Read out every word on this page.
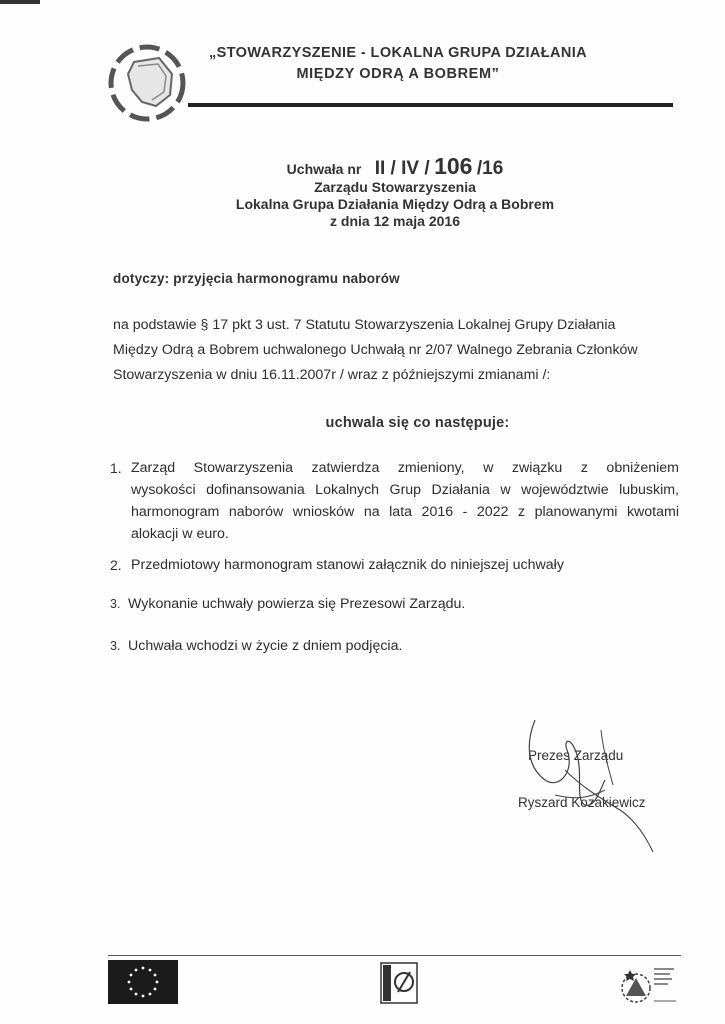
„STOWARZYSZENIE - LOKALNA GRUPA DZIAŁANIA
MIĘDZY ODRĄ A BOBREM”
Uchwała nr II / IV / 106 /16
Zarządu Stowarzyszenia
Lokalna Grupa Działania Między Odrą a Bobrem
z dnia 12 maja 2016
dotyczy: przyjęcia harmonogramu naborów
na podstawie § 17 pkt 3 ust. 7 Statutu Stowarzyszenia Lokalnej Grupy Działania
Między Odrą a Bobrem uchwalonego Uchwałą nr 2/07 Walnego Zebrania Członków
Stowarzyszenia w dniu 16.11.2007r / wraz z późniejszymi zmianami /:
uchwala się co następuje:
1. Zarząd Stowarzyszenia zatwierdza zmieniony, w związku z obniżeniem
wysokości dofinansowania Lokalnych Grup Działania w województwie lubuskim,
harmonogram naborów wniosków na lata 2016 - 2022 z planowanymi kwotami
alokacji w euro.
2. Przedmiotowy harmonogram stanowi załącznik do niniejszej uchwały
3. Wykonanie uchwały powierza się Prezesowi Zarządu.
3. Uchwała wchodzi w życie z dniem podjęcia.
Prezes Zarządu
Ryszard Kozakiewicz
